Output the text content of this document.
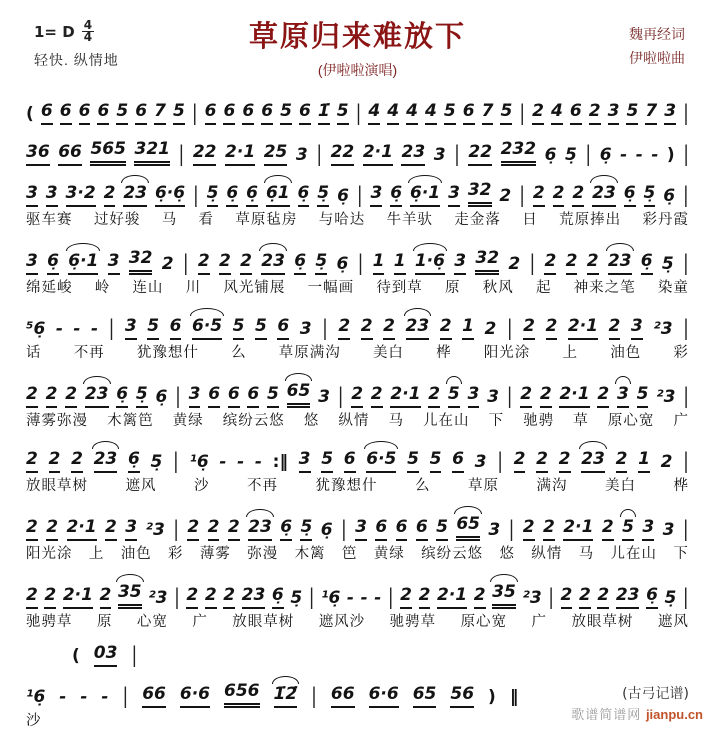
1= D $\frac{4}{4}$
轻快. 纵情地
草原归来难放下
(伊啦啦演唱)
魏再经词
伊啦啦曲
( 6 6 6 6 5 6 7 5 | 6 6 6 6 5 6 1̇ 5 | 4 4 4 4 5 6 7 5 | 2 4 6 2 3 5 7 3 |
36 66 565 321 | 22 2·1 25 3 | 22 2·1 23 3 | 22 232 6̣ 5̣ | 6̣ - - - ) |
3 3 3·2 2 23 6̣·6̣ | 5̣ 6̣ 6̣ 6̣1 6̣ 5̣ 6̣ | 3 6̣ 6̣·1 3 32 2 | 2 2 2 23 6̣ 5̣ 6̣ |
驱车赛 过好骏 马 看 草原毡房 与哈达 牛羊驮 走金落 日 荒原捧出 彩丹霞
3 6̣ 6̣·1 3 32 2 | 2 2 2 23 6̣ 5̣ 6̣ | 1 1 1·6̣ 3 32 2 | 2 2 2 23 6̣ 5̣ |
绵延峻 岭 连山 川 风光铺展 一幅画 待到草 原 秋风 起 神来之笔 染童
⁵6̣ - - - | 3 5 6 6·5 5 5 6 3 | 2 2 2 23 2 1 2 | 2 2 2·1 2 3 ²3 |
话 不再 犹豫想什 么 草原满沟 美白 桦 阳光涂 上 油色 彩
2 2 2 23 6̣ 5̣ 6̣ | 3 6 6 6 5 65 3 | 2 2 2·1 2 5 3 3 | 2 2 2·1 2 3 5 ²3 |
薄雾弥漫 木篱笆 黄绿 缤纷云悠 悠 纵情 马 儿在山 下 驰骋 草 原心宽 广
2 2 2 23 6̣ 5̣ | ¹6̣ - - - :‖ 3 5 6 6·5 5 5 6 3 | 2 2 2 23 2 1 2 |
放眼草树	遮风	沙	不再	犹豫想什	么	草原	满沟	美白	桦
2 2 2·1 2 3 ²3 | 2 2 2 23 6̣ 5̣ 6̣ | 3 6 6 6 5 65 3 | 2 2 2·1 2 5 3 3 |
阳光涂 上 油色 彩 薄雾 弥漫 木篱 笆 黄绿 缤纷云悠 悠 纵情 马 儿在山 下
2 2 2·1 2 35 ²3 | 2 2 2 23 6̣ 5̣ | ¹6̣ - - - | 2 2 2·1 2 35 ²3 | 2 2 2 23 6̣ 5̣ |
驰骋草 原 心宽 广 放眼草树 遮风沙 驰骋草 原心宽 广 放眼草树 遮风
( 03 |
¹6̣ - - - | 66 6·6 656 1̇2̇ | 66 6·6 65 56 ) ‖	(古弓记谱)
沙	歌谱简谱网 jianpu.cn
